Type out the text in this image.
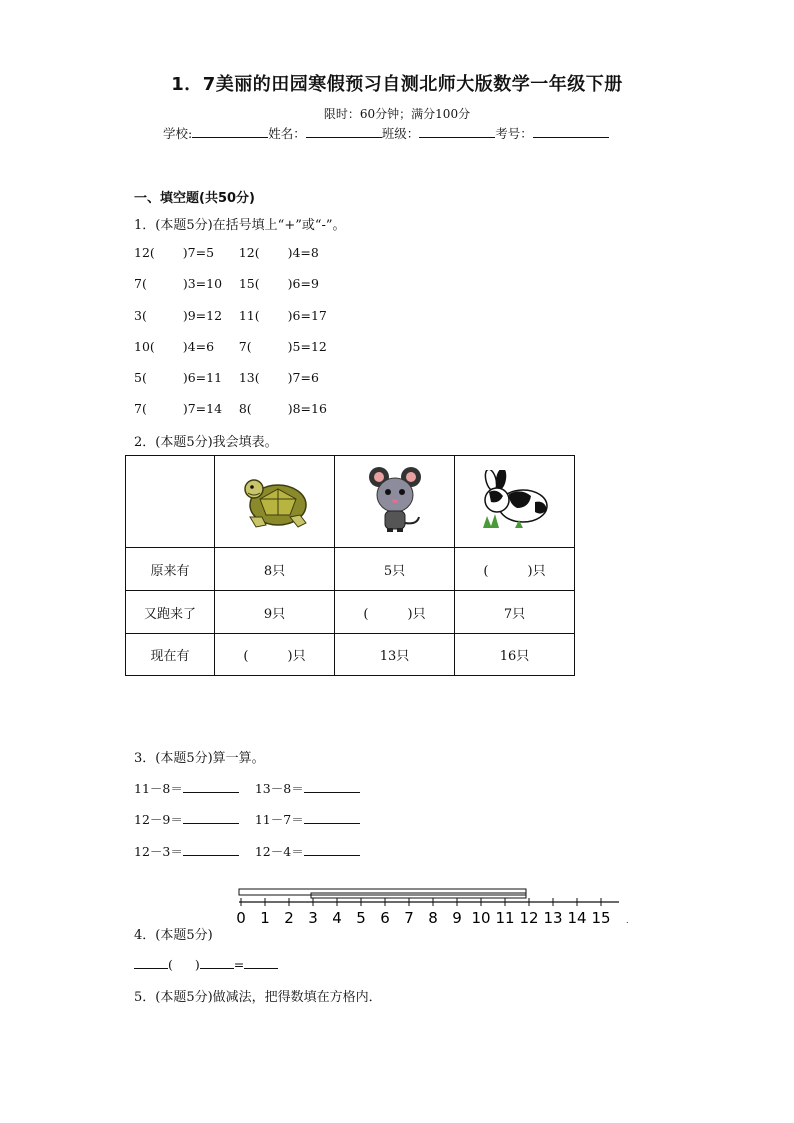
1．7美丽的田园寒假预习自测北师大版数学一年级下册
限时：60分钟；满分100分
学校:	姓名：	班级：	考号：
一、填空题(共50分)
1．(本题5分)在括号填上“+”或“-”。
12( )7=5 12( )4=8
7(	)3=10 15( )6=9
3(	)9=12 11( )6=17
10( )4=6 7(	)5=12
5(	)6=11 13( )7=6
7(	)7=14 8(	)8=16
2．(本题5分)我会填表。

原来有	8只	5只	(　　　)只
又跑来了	9只	(　　　)只	7只
现在有	(　　　)只	13只	16只
3．(本题5分)算一算。
11－8＝	13－8＝
12－9＝	11－7＝
12－3＝	12－4＝
0 1 2 3 4 5 6 7 8 9 10 11 12 13 14 15 .
4．(本题5分)
( )	=
5．(本题5分)做减法，把得数填在方格内．
